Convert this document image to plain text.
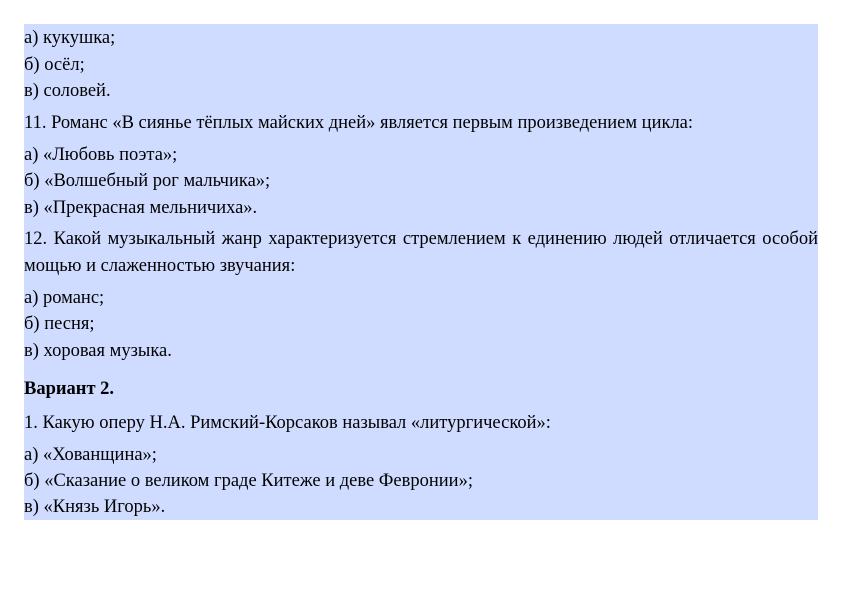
а) кукушка;
б) осёл;
в) соловей.
11. Романс «В сиянье тёплых майских дней» является первым произведением цикла:
а) «Любовь поэта»;
б) «Волшебный рог мальчика»;
в) «Прекрасная мельничиха».
12. Какой музыкальный жанр характеризуется стремлением к единению людей отличается особой мощью и слаженностью звучания:
а) романс;
б) песня;
в) хоровая музыка.
Вариант 2.
1. Какую оперу Н.А. Римский-Корсаков называл «литургической»:
а) «Хованщина»;
б) «Сказание о великом граде Китеже и деве Февронии»;
в) «Князь Игорь».
